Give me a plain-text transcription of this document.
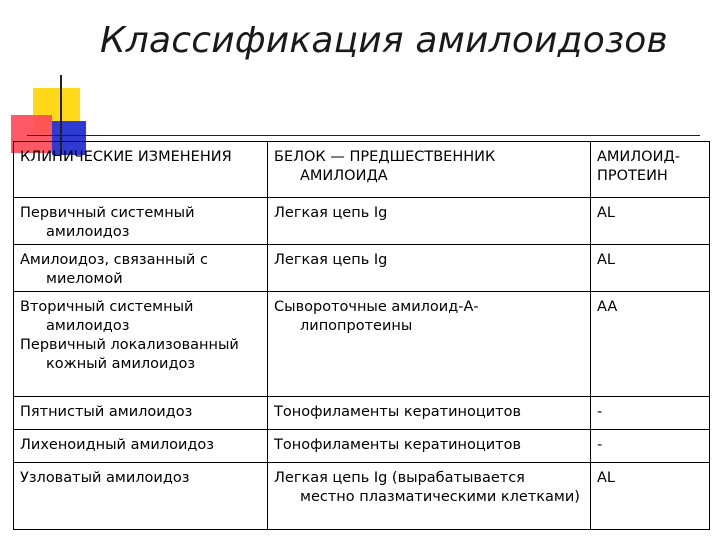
Классификация амилоидозов
КЛИНИЧЕСКИЕ ИЗМЕНЕНИЯ	БЕЛОК — ПРЕДШЕСТВЕННИК АМИЛОИДА	АМИЛОИД-ПРОТЕИН

Первичный системный амилоидоз	Легкая цепь Ig	AL

Амилоидоз, связанный с миеломой	Легкая цепь Ig	AL

Вторичный системный амилоидоз
Первичный локализованный кожный амилоидоз	Сывороточные амилоид-А-липопротеины	AA

Пятнистый амилоидоз	Тонофиламенты кератиноцитов	-

Лихеноидный амилоидоз	Тонофиламенты кератиноцитов	-

Узловатый амилоидоз	Легкая цепь Ig (вырабатывается местно плазматическими клетками)	AL
